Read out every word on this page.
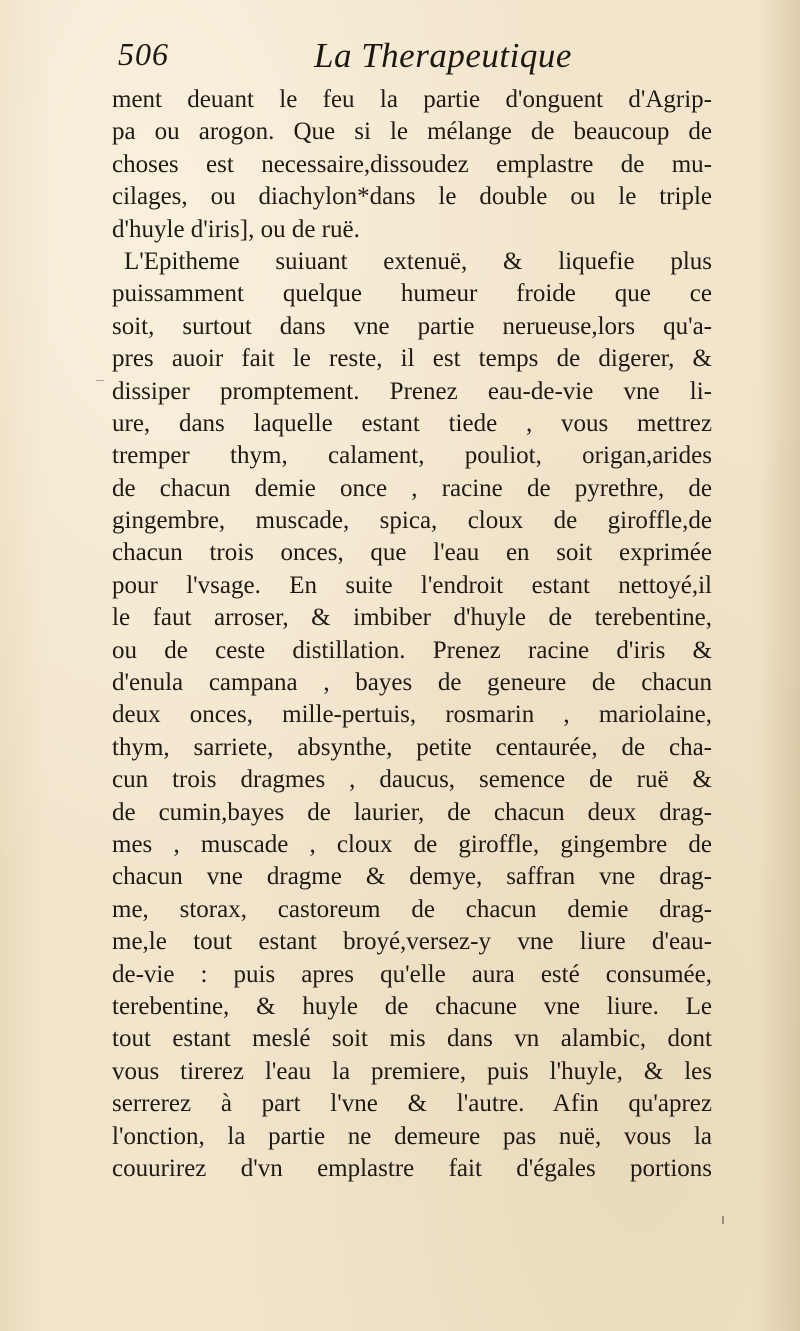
506	La Therapeutique
ment deuant le feu la partie d'onguent d'Agrip-
pa ou arogon. Que si le mélange de beaucoup de
choses est necessaire,dissoudez emplastre de mu-
cilages, ou diachylon*dans le double ou le triple
d'huyle d'iris], ou de ruë.
L'Epitheme suiuant extenuë, & liquefie plus
puissamment quelque humeur froide que ce
soit, surtout dans vne partie nerueuse,lors qu'a-
pres auoir fait le reste, il est temps de digerer, &
dissiper promptement. Prenez eau-de-vie vne li-
ure, dans laquelle estant tiede , vous mettrez
tremper thym, calament, pouliot, origan,arides
de chacun demie once , racine de pyrethre, de
gingembre, muscade, spica, cloux de giroffle,de
chacun trois onces, que l'eau en soit exprimée
pour l'vsage. En suite l'endroit estant nettoyé,il
le faut arroser, & imbiber d'huyle de terebentine,
ou de ceste distillation. Prenez racine d'iris &
d'enula campana , bayes de geneure de chacun
deux onces, mille-pertuis, rosmarin , mariolaine,
thym, sarriete, absynthe, petite centaurée, de cha-
cun trois dragmes , daucus, semence de ruë &
de cumin,bayes de laurier, de chacun deux drag-
mes , muscade , cloux de giroffle, gingembre de
chacun vne dragme & demye, saffran vne drag-
me, storax, castoreum de chacun demie drag-
me,le tout estant broyé,versez-y vne liure d'eau-
de-vie : puis apres qu'elle aura esté consumée,
terebentine, & huyle de chacune vne liure. Le
tout estant meslé soit mis dans vn alambic, dont
vous tirerez l'eau la premiere, puis l'huyle, & les
serrerez à part l'vne & l'autre. Afin qu'aprez
l'onction, la partie ne demeure pas nuë, vous la
couurirez d'vn emplastre fait d'égales portions
